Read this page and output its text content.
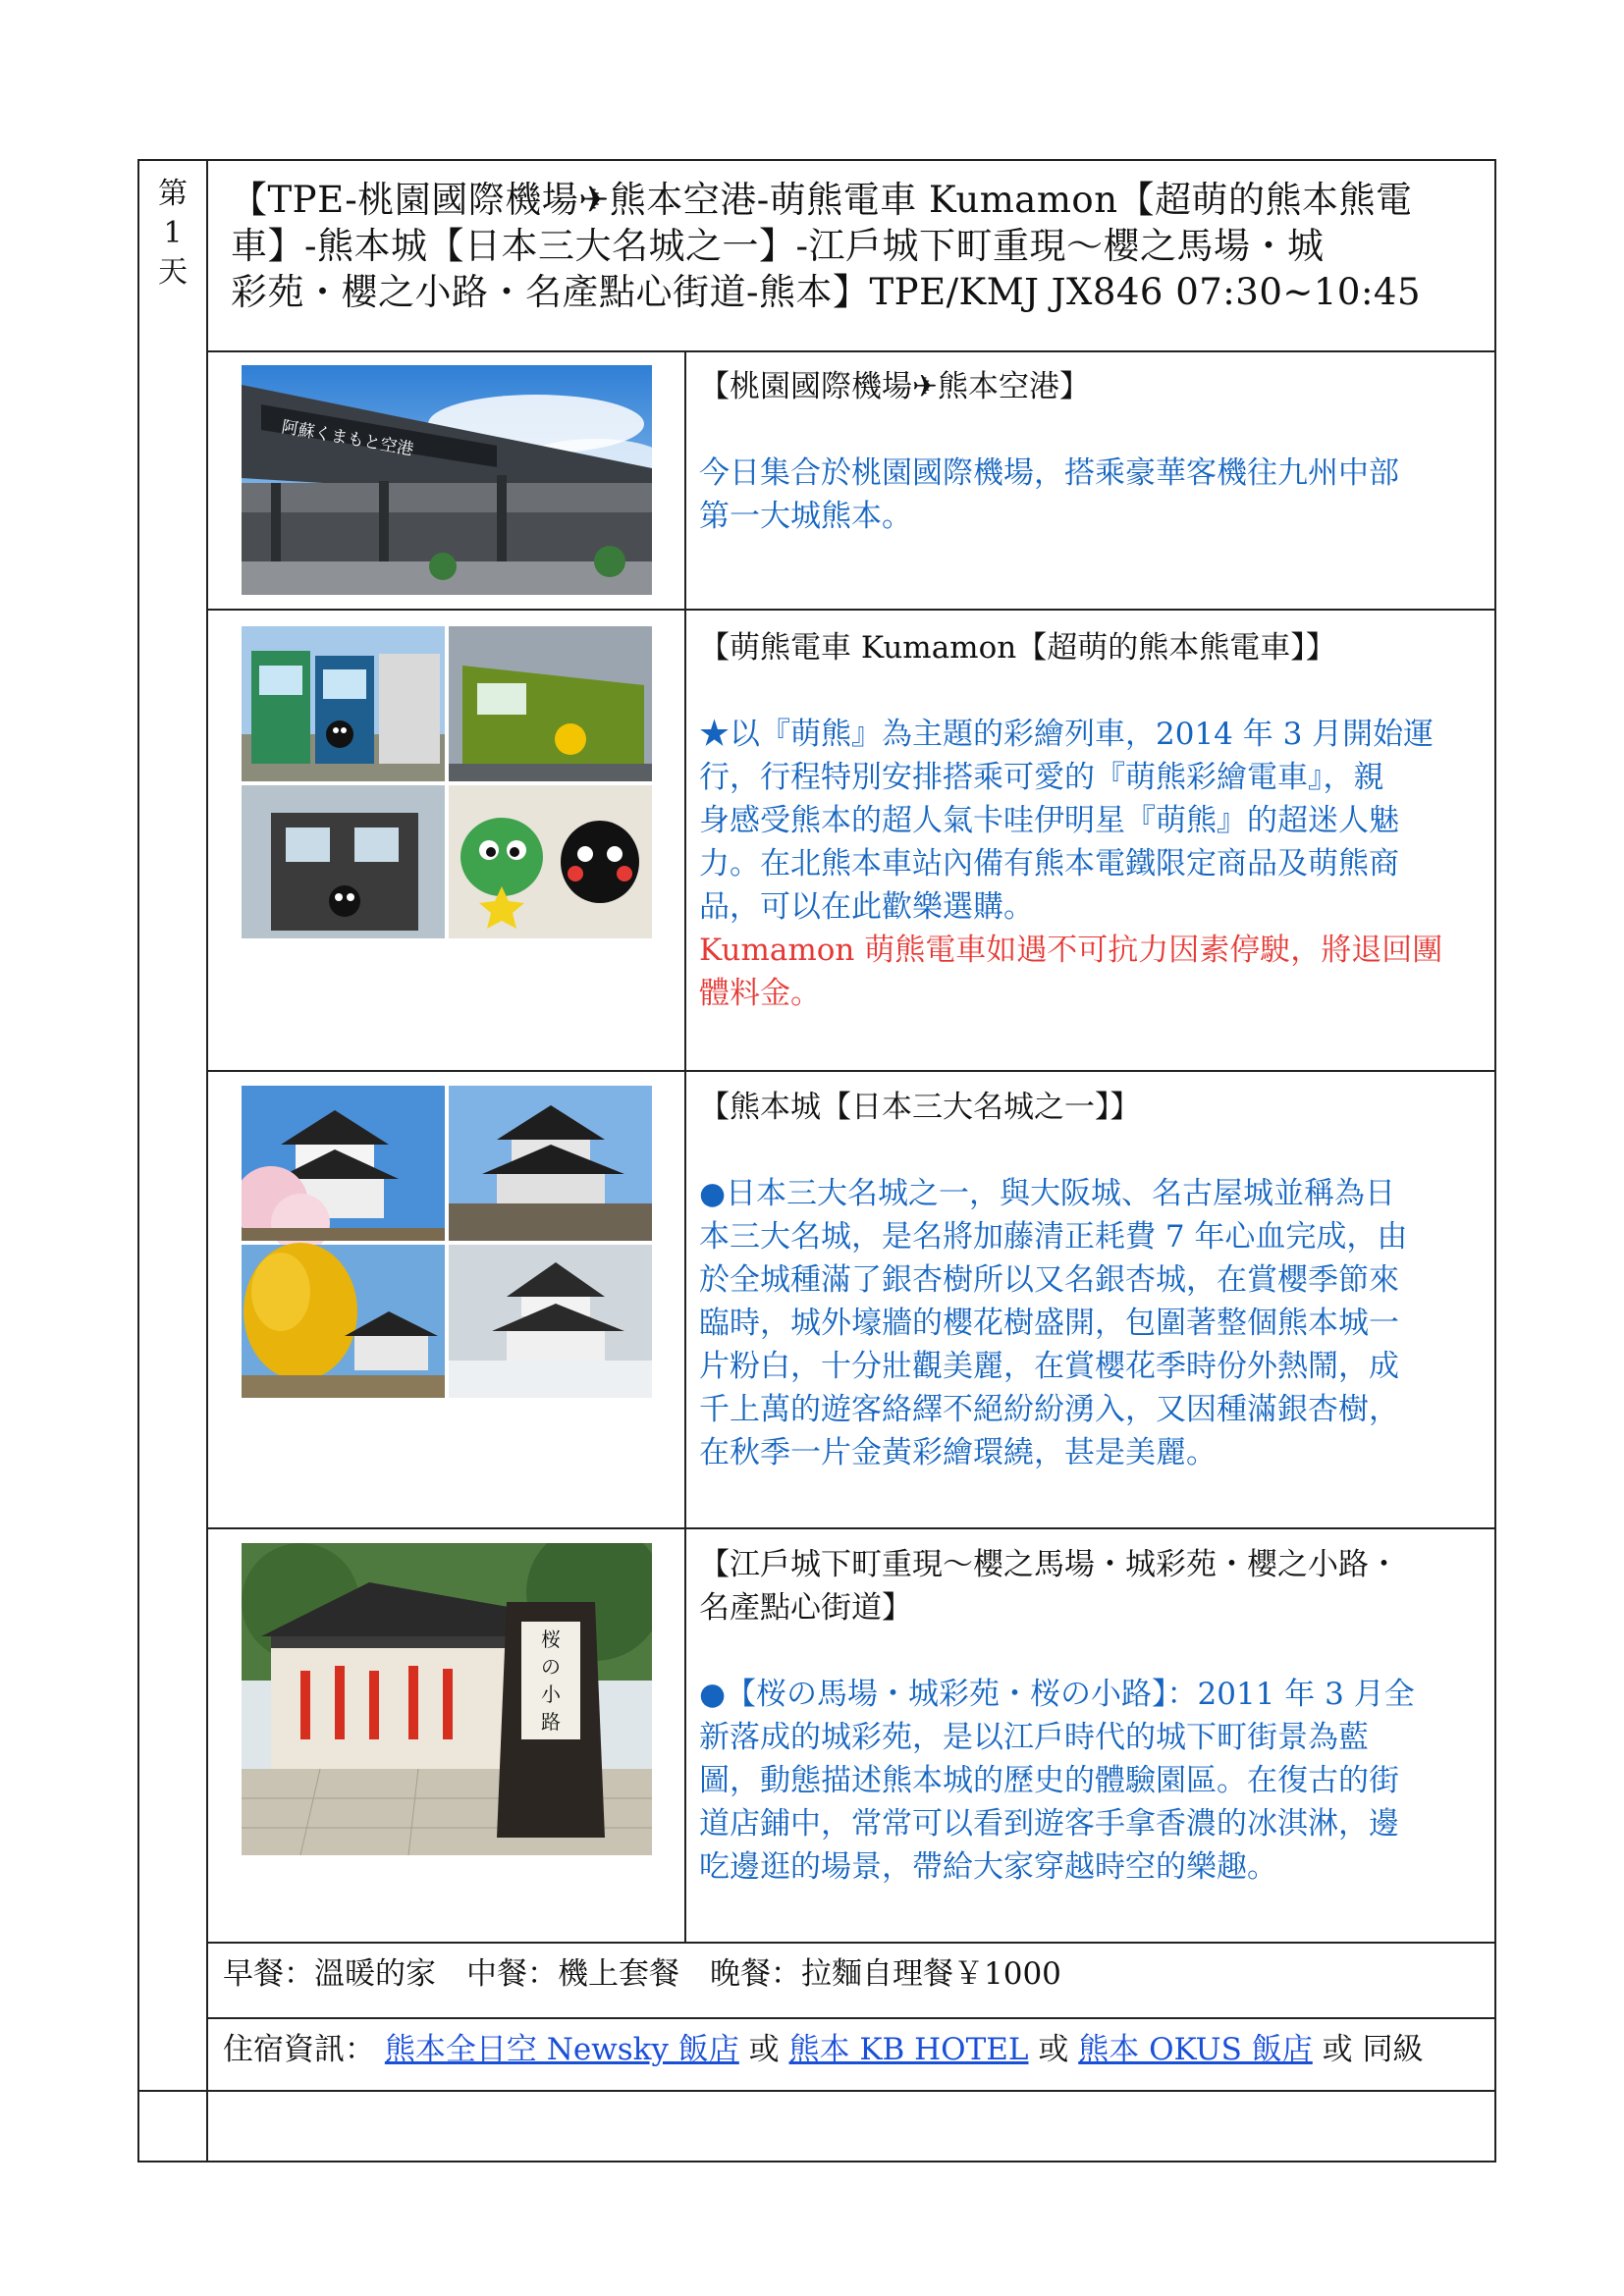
第
1
天
【TPE-桃園國際機場✈熊本空港-萌熊電車 Kumamon【超萌的熊本熊電
車】-熊本城【日本三大名城之一】-江戶城下町重現～櫻之馬場・城
彩苑・櫻之小路・名產點心街道-熊本】TPE/KMJ JX846 07:30~10:45
阿蘇くまもと空港
【桃園國際機場✈熊本空港】
今日集合於桃園國際機場，搭乘豪華客機往九州中部
第一大城熊本。
【萌熊電車 Kumamon【超萌的熊本熊電車】】
★以『萌熊』為主題的彩繪列車，2014 年 3 月開始運
行，行程特別安排搭乘可愛的『萌熊彩繪電車』，親
身感受熊本的超人氣卡哇伊明星『萌熊』的超迷人魅
力。在北熊本車站內備有熊本電鐵限定商品及萌熊商
品，可以在此歡樂選購。
Kumamon 萌熊電車如遇不可抗力因素停駛，將退回團
體料金。
【熊本城【日本三大名城之一】】
●日本三大名城之一，與大阪城、名古屋城並稱為日
本三大名城，是名將加藤清正耗費 7 年心血完成，由
於全城種滿了銀杏樹所以又名銀杏城，在賞櫻季節來
臨時，城外壕牆的櫻花樹盛開，包圍著整個熊本城一
片粉白，十分壯觀美麗，在賞櫻花季時份外熱鬧，成
千上萬的遊客絡繹不絕紛紛湧入，又因種滿銀杏樹，
在秋季一片金黃彩繪環繞，甚是美麗。
桜
の
小
路
【江戶城下町重現～櫻之馬場・城彩苑・櫻之小路・
名產點心街道】
●【桜の馬場・城彩苑・桜の小路】：2011 年 3 月全
新落成的城彩苑，是以江戶時代的城下町街景為藍
圖，動態描述熊本城的歷史的體驗園區。在復古的街
道店鋪中，常常可以看到遊客手拿香濃的冰淇淋，邊
吃邊逛的場景，帶給大家穿越時空的樂趣。
早餐：溫暖的家　中餐：機上套餐　晚餐：拉麵自理餐￥1000
住宿資訊： 熊本全日空 Newsky 飯店 或 熊本 KB HOTEL 或 熊本 OKUS 飯店 或 同級
